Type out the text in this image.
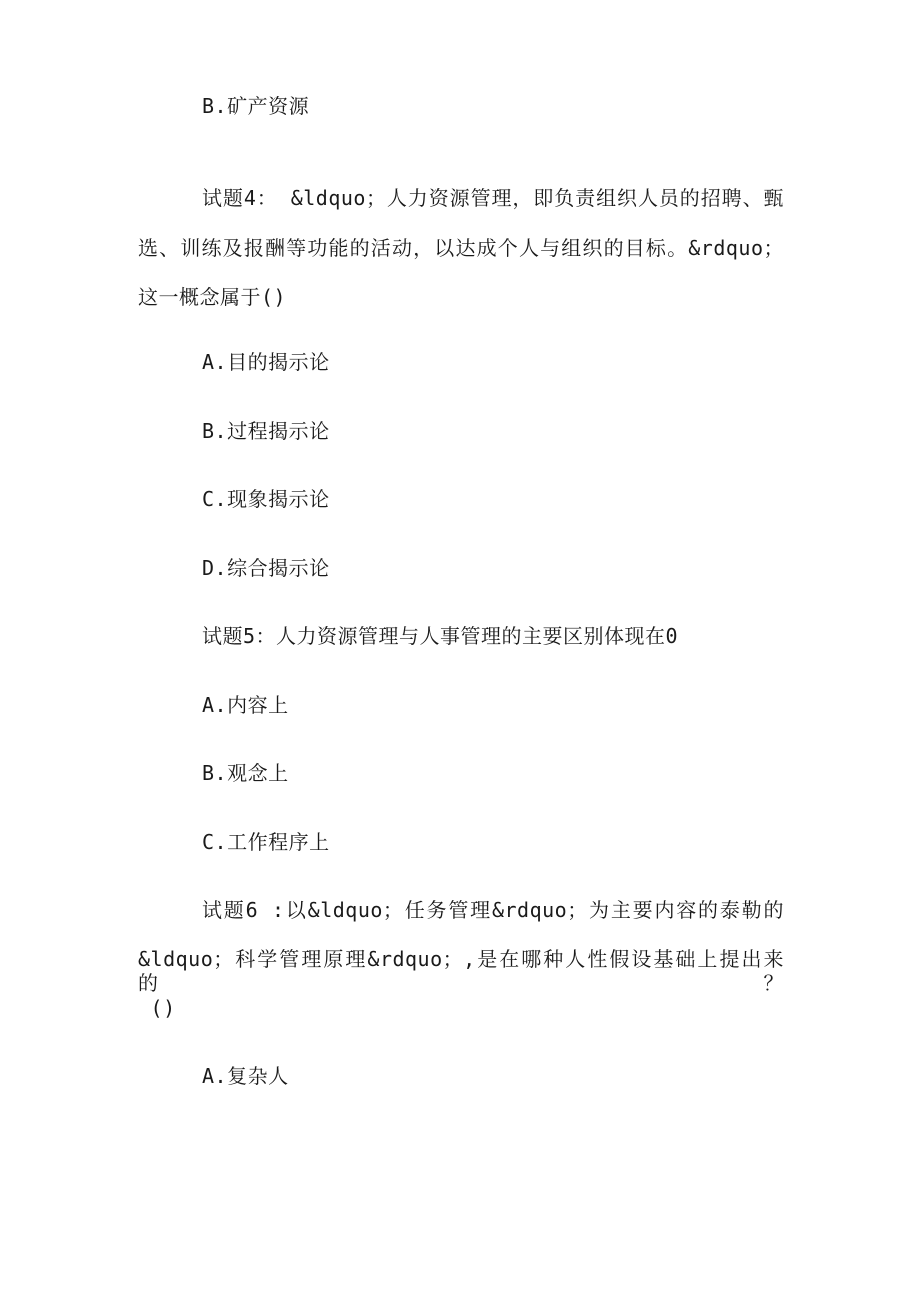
B.矿产资源
试题4： &ldquo；人力资源管理，即负责组织人员的招聘、甄
选、训练及报酬等功能的活动，以达成个人与组织的目标。&rdquo；
这一概念属于()
A.目的揭示论
B.过程揭示论
C.现象揭示论
D.综合揭示论
试题5：人力资源管理与人事管理的主要区别体现在0
A.内容上
B.观念上
C.工作程序上
试题6 :以&ldquo；任务管理&rdquo；为主要内容的泰勒的
&ldquo；科学管理原理&rdquo；,是在哪种人性假设基础上提出来的？
()
A.复杂人
